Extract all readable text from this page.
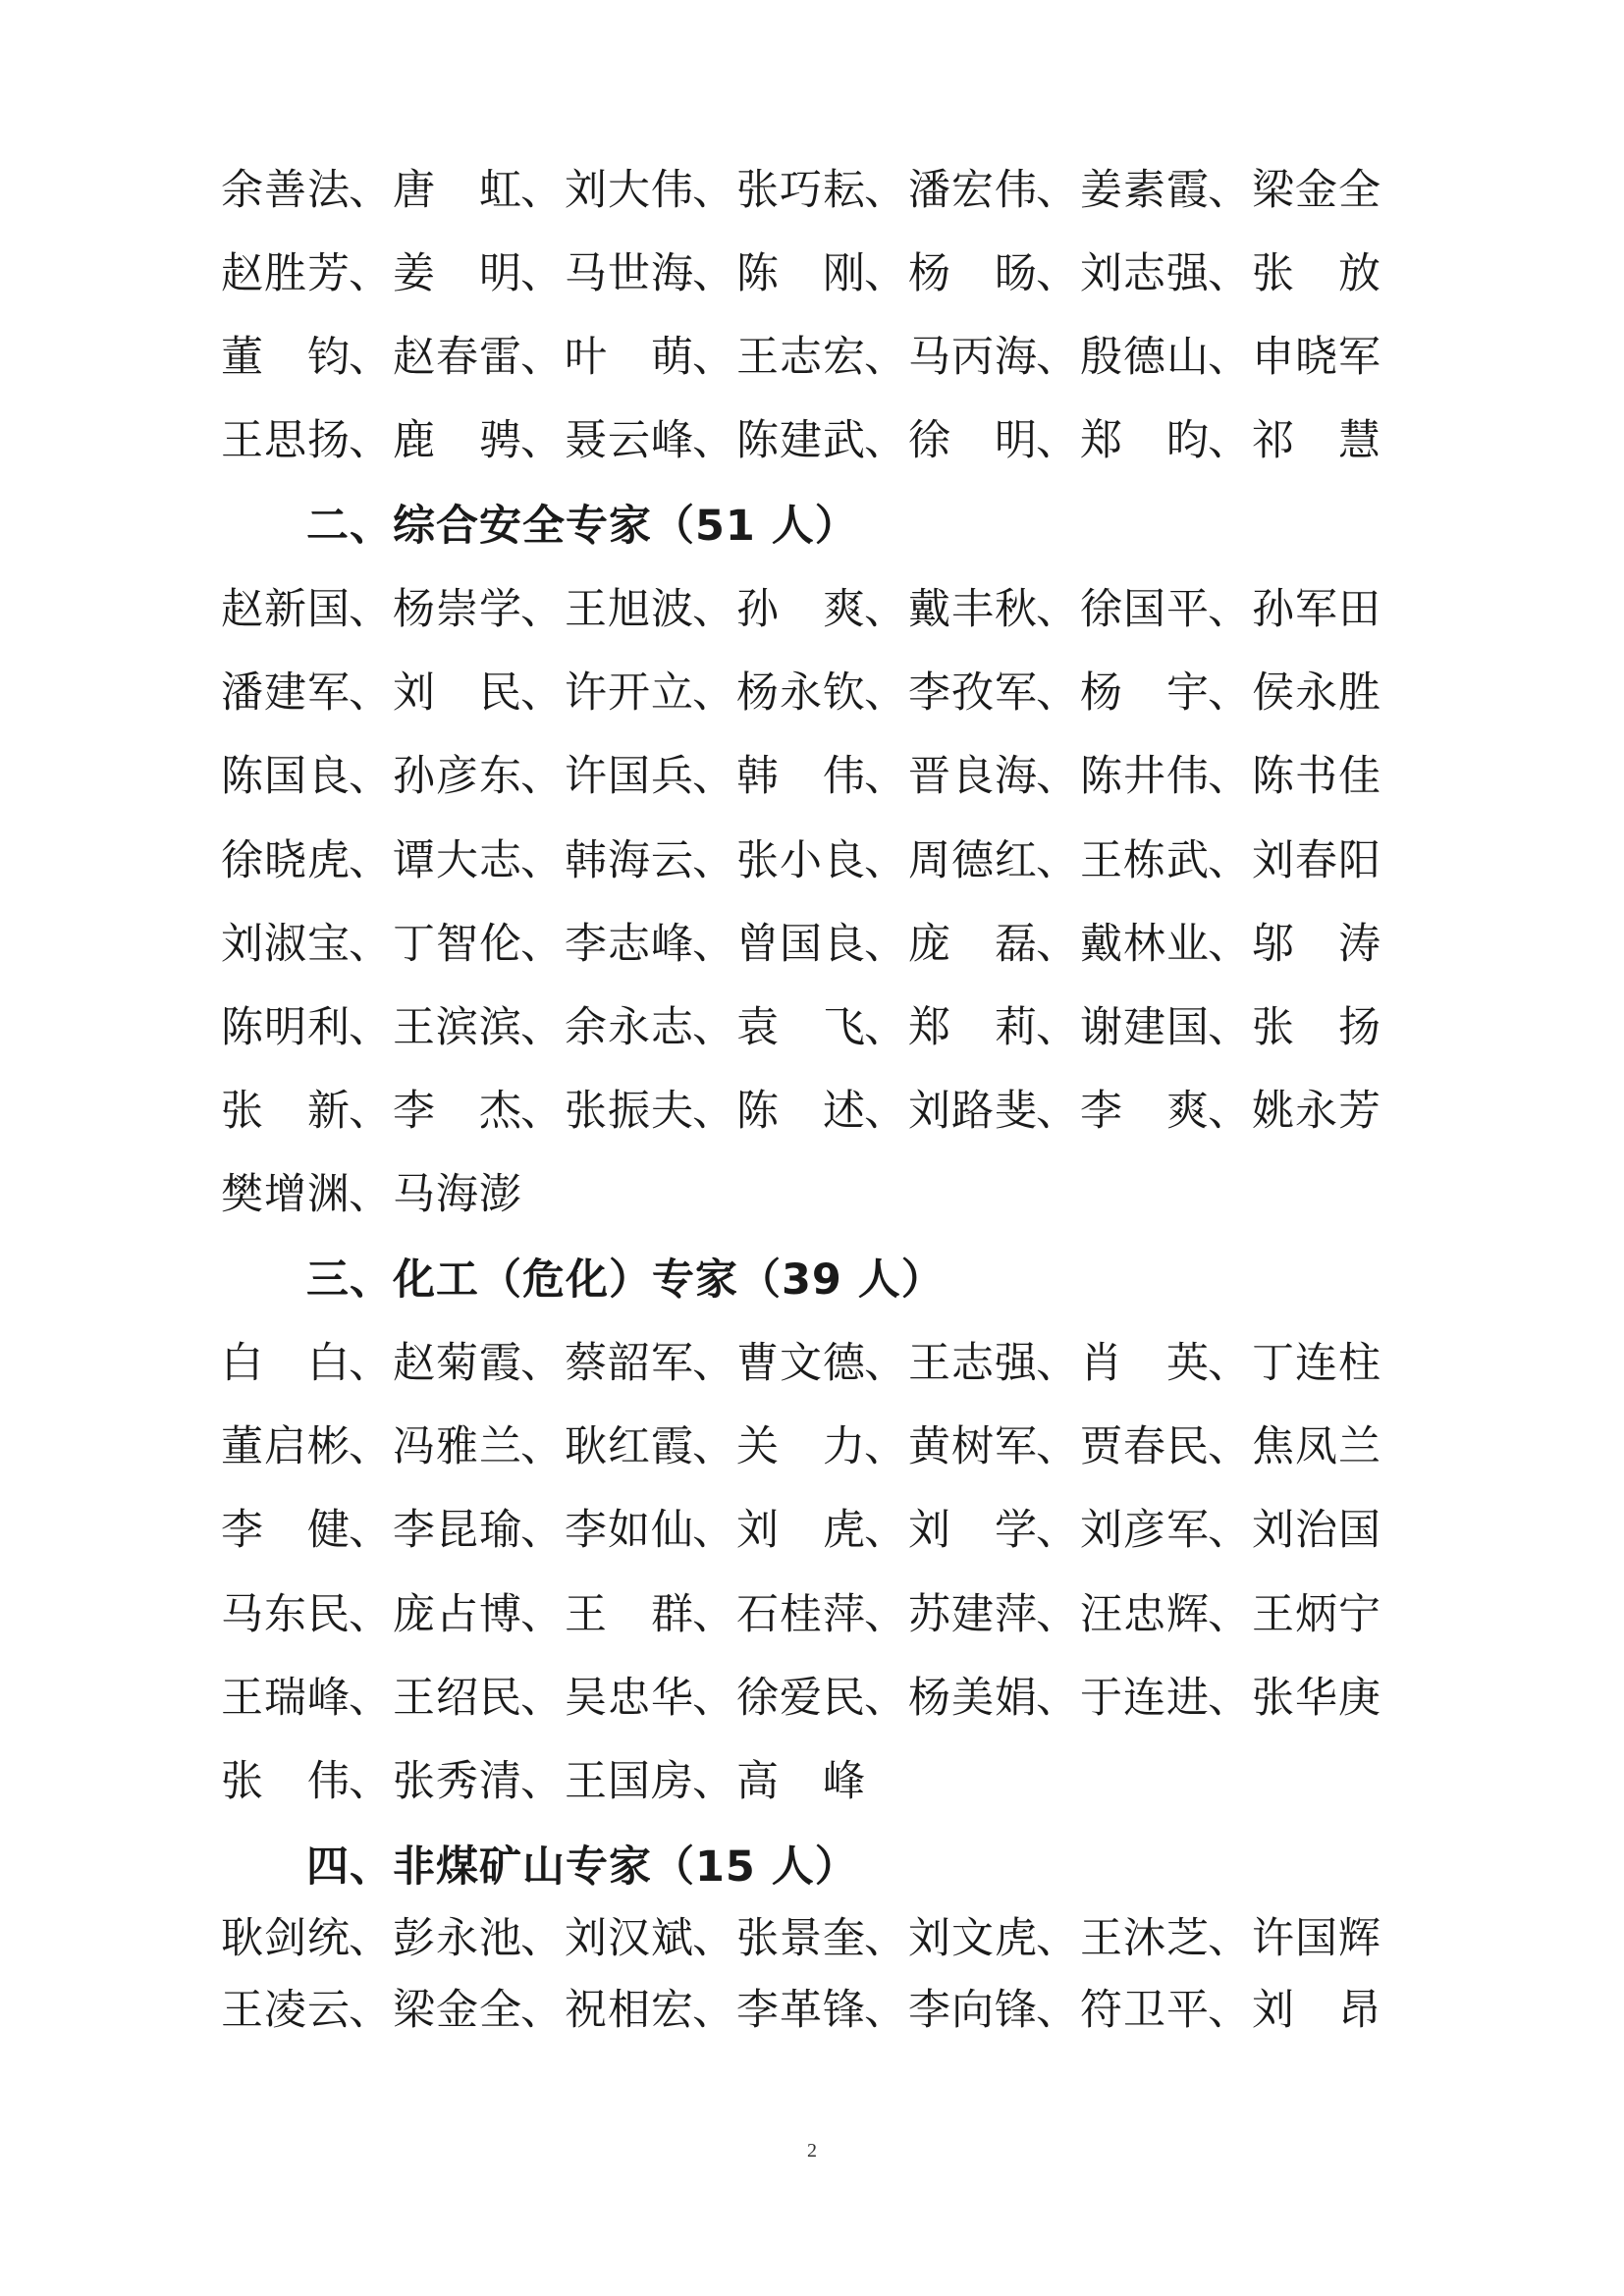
余善法
、 唐　虹
、 刘大伟
、 张巧耘
、 潘宏伟
、 姜素霞
、 梁金全
赵胜芳
、 姜　明
、 马世海
、 陈　刚
、 杨　旸
、 刘志强
、 张　放
董　钧
、 赵春雷
、 叶　萌
、 王志宏
、 马丙海
、 殷德山
、 申晓军
王思扬
、 鹿　骋
、 聂云峰
、 陈建武
、 徐　明
、 郑　昀
、 祁　慧
二、综合安全专家（51 人）
赵新国
、 杨崇学
、 王旭波
、 孙　爽
、 戴丰秋
、 徐国平
、 孙军田
潘建军
、 刘　民
、 许开立
、 杨永钦
、 李孜军
、 杨　宇
、 侯永胜
陈国良
、 孙彦东
、 许国兵
、 韩　伟
、 晋良海
、 陈井伟
、 陈书佳
徐晓虎
、 谭大志
、 韩海云
、 张小良
、 周德红
、 王栋武
、 刘春阳
刘淑宝
、 丁智伦
、 李志峰
、 曾国良
、 庞　磊
、 戴林业
、 邬　涛
陈明利
、 王滨滨
、 余永志
、 袁　飞
、 郑　莉
、 谢建国
、 张　扬
张　新
、 李　杰
、 张振夫
、 陈　述
、 刘路斐
、 李　爽
、 姚永芳
樊增渊
、 马海澎
三、化工（危化）专家（39 人）
白　白
、 赵菊霞
、 蔡韶军
、 曹文德
、 王志强
、 肖　英
、 丁连柱
董启彬
、 冯雅兰
、 耿红霞
、 关　力
、 黄树军
、 贾春民
、 焦凤兰
李　健
、 李昆瑜
、 李如仙
、 刘　虎
、 刘　学
、 刘彦军
、 刘治国
马东民
、 庞占博
、 王　群
、 石桂萍
、 苏建萍
、 汪忠辉
、 王炳宁
王瑞峰
、 王绍民
、 吴忠华
、 徐爱民
、 杨美娟
、 于连进
、 张华庚
张　伟
、 张秀清
、 王国房
、 高　峰
四、非煤矿山专家（15 人）
耿剑统
、 彭永池
、 刘汉斌
、 张景奎
、 刘文虎
、 王沐芝
、 许国辉
王凌云
、 梁金全
、 祝相宏
、 李革锋
、 李向锋
、 符卫平
、 刘　昂
2
